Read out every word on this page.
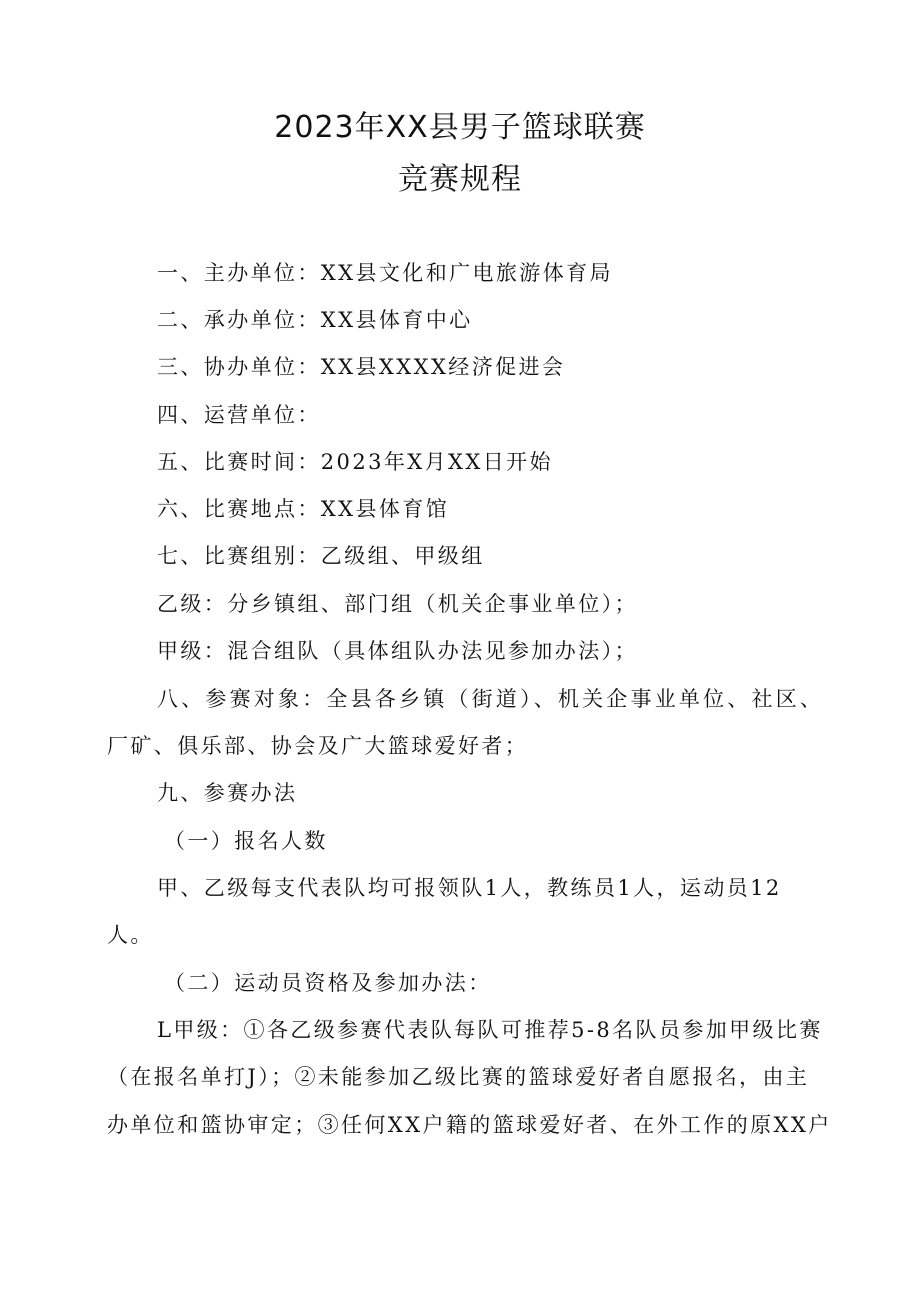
2023年XX县男子篮球联赛
竞赛规程
一、主办单位：XX县文化和广电旅游体育局
二、承办单位：XX县体育中心
三、协办单位：XX县XXXX经济促进会
四、运营单位：
五、比赛时间：2023年X月XX日开始
六、比赛地点：XX县体育馆
七、比赛组别：乙级组、甲级组
乙级：分乡镇组、部门组（机关企事业单位）；
甲级：混合组队（具体组队办法见参加办法）；
八、参赛对象：全县各乡镇（街道）、机关企事业单位、社区、
厂矿、俱乐部、协会及广大篮球爱好者；
九、参赛办法
（一）报名人数
甲、乙级每支代表队均可报领队1人，教练员1人，运动员12
人。
（二）运动员资格及参加办法：
L甲级：①各乙级参赛代表队每队可推荐5-8名队员参加甲级比赛
（在报名单打J）；②未能参加乙级比赛的篮球爱好者自愿报名，由主
办单位和篮协审定；③任何XX户籍的篮球爱好者、在外工作的原XX户
